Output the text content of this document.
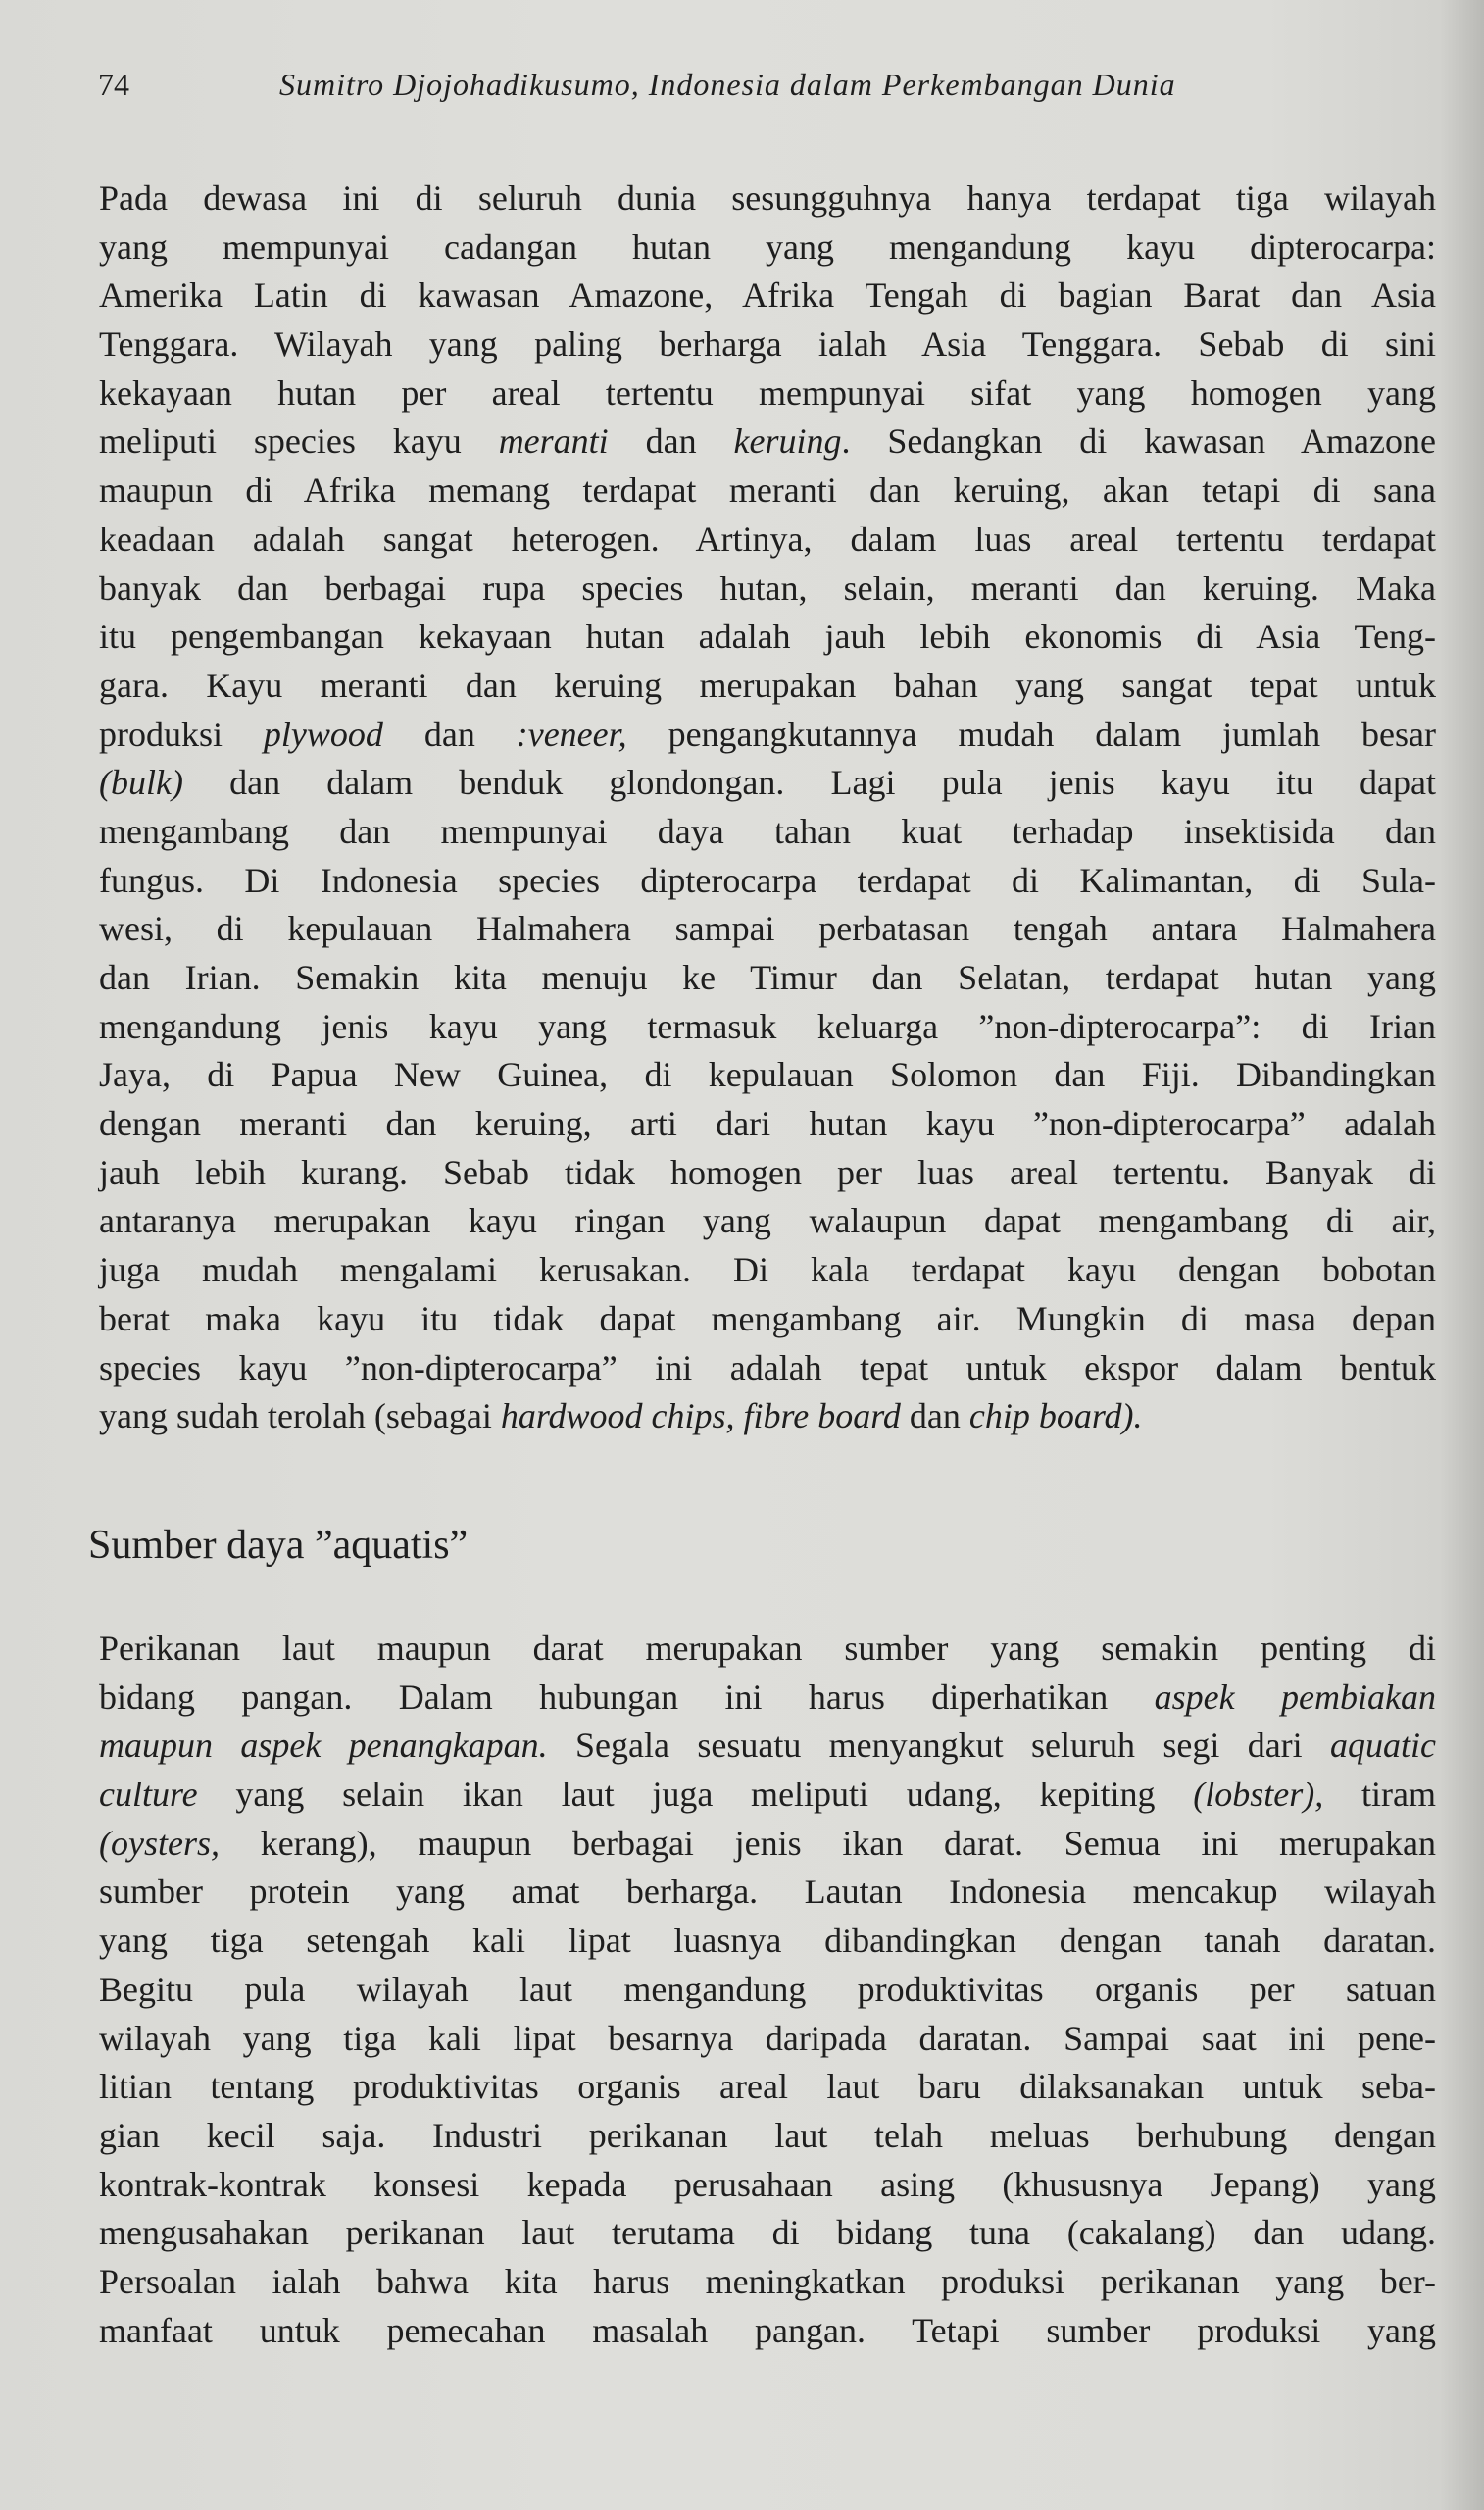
74	Sumitro Djojohadikusumo, Indonesia dalam Perkembangan Dunia
Pada dewasa ini di seluruh dunia sesungguhnya hanya terdapat tiga wilayah
yang mempunyai cadangan hutan yang mengandung kayu dipterocarpa:
Amerika Latin di kawasan Amazone, Afrika Tengah di bagian Barat dan Asia
Tenggara. Wilayah yang paling berharga ialah Asia Tenggara. Sebab di sini
kekayaan hutan per areal tertentu mempunyai sifat yang homogen yang
meliputi species kayu meranti dan keruing. Sedangkan di kawasan Amazone
maupun di Afrika memang terdapat meranti dan keruing, akan tetapi di sana
keadaan adalah sangat heterogen. Artinya, dalam luas areal tertentu terdapat
banyak dan berbagai rupa species hutan, selain, meranti dan keruing. Maka
itu pengembangan kekayaan hutan adalah jauh lebih ekonomis di Asia Teng-
gara. Kayu meranti dan keruing merupakan bahan yang sangat tepat untuk
produksi plywood dan :veneer, pengangkutannya mudah dalam jumlah besar
(bulk) dan dalam benduk glondongan. Lagi pula jenis kayu itu dapat
mengambang dan mempunyai daya tahan kuat terhadap insektisida dan
fungus. Di Indonesia species dipterocarpa terdapat di Kalimantan, di Sula-
wesi, di kepulauan Halmahera sampai perbatasan tengah antara Halmahera
dan Irian. Semakin kita menuju ke Timur dan Selatan, terdapat hutan yang
mengandung jenis kayu yang termasuk keluarga ”non-dipterocarpa”: di Irian
Jaya, di Papua New Guinea, di kepulauan Solomon dan Fiji. Dibandingkan
dengan meranti dan keruing, arti dari hutan kayu ”non-dipterocarpa” adalah
jauh lebih kurang. Sebab tidak homogen per luas areal tertentu. Banyak di
antaranya merupakan kayu ringan yang walaupun dapat mengambang di air,
juga mudah mengalami kerusakan. Di kala terdapat kayu dengan bobotan
berat maka kayu itu tidak dapat mengambang air. Mungkin di masa depan
species kayu ”non-dipterocarpa” ini adalah tepat untuk ekspor dalam bentuk
yang sudah terolah (sebagai hardwood chips, fibre board dan chip board).
Sumber daya ”aquatis”
Perikanan laut maupun darat merupakan sumber yang semakin penting di
bidang pangan. Dalam hubungan ini harus diperhatikan aspek pembiakan
maupun aspek penangkapan. Segala sesuatu menyangkut seluruh segi dari aquatic
culture yang selain ikan laut juga meliputi udang, kepiting (lobster), tiram
(oysters, kerang), maupun berbagai jenis ikan darat. Semua ini merupakan
sumber protein yang amat berharga. Lautan Indonesia mencakup wilayah
yang tiga setengah kali lipat luasnya dibandingkan dengan tanah daratan.
Begitu pula wilayah laut mengandung produktivitas organis per satuan
wilayah yang tiga kali lipat besarnya daripada daratan. Sampai saat ini pene-
litian tentang produktivitas organis areal laut baru dilaksanakan untuk seba-
gian kecil saja. Industri perikanan laut telah meluas berhubung dengan
kontrak-kontrak konsesi kepada perusahaan asing (khususnya Jepang) yang
mengusahakan perikanan laut terutama di bidang tuna (cakalang) dan udang.
Persoalan ialah bahwa kita harus meningkatkan produksi perikanan yang ber-
manfaat untuk pemecahan masalah pangan. Tetapi sumber produksi yang
